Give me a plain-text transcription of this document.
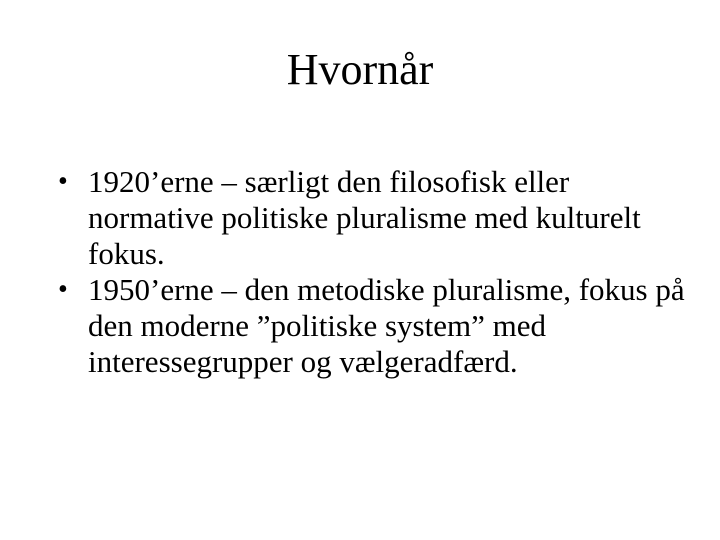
Hvornår
• 1920’erne – særligt den filosofisk eller normative politiske pluralisme med kulturelt fokus.
• 1950’erne – den metodiske pluralisme, fokus på den moderne ”politiske system” med interessegrupper og vælgeradfærd.
